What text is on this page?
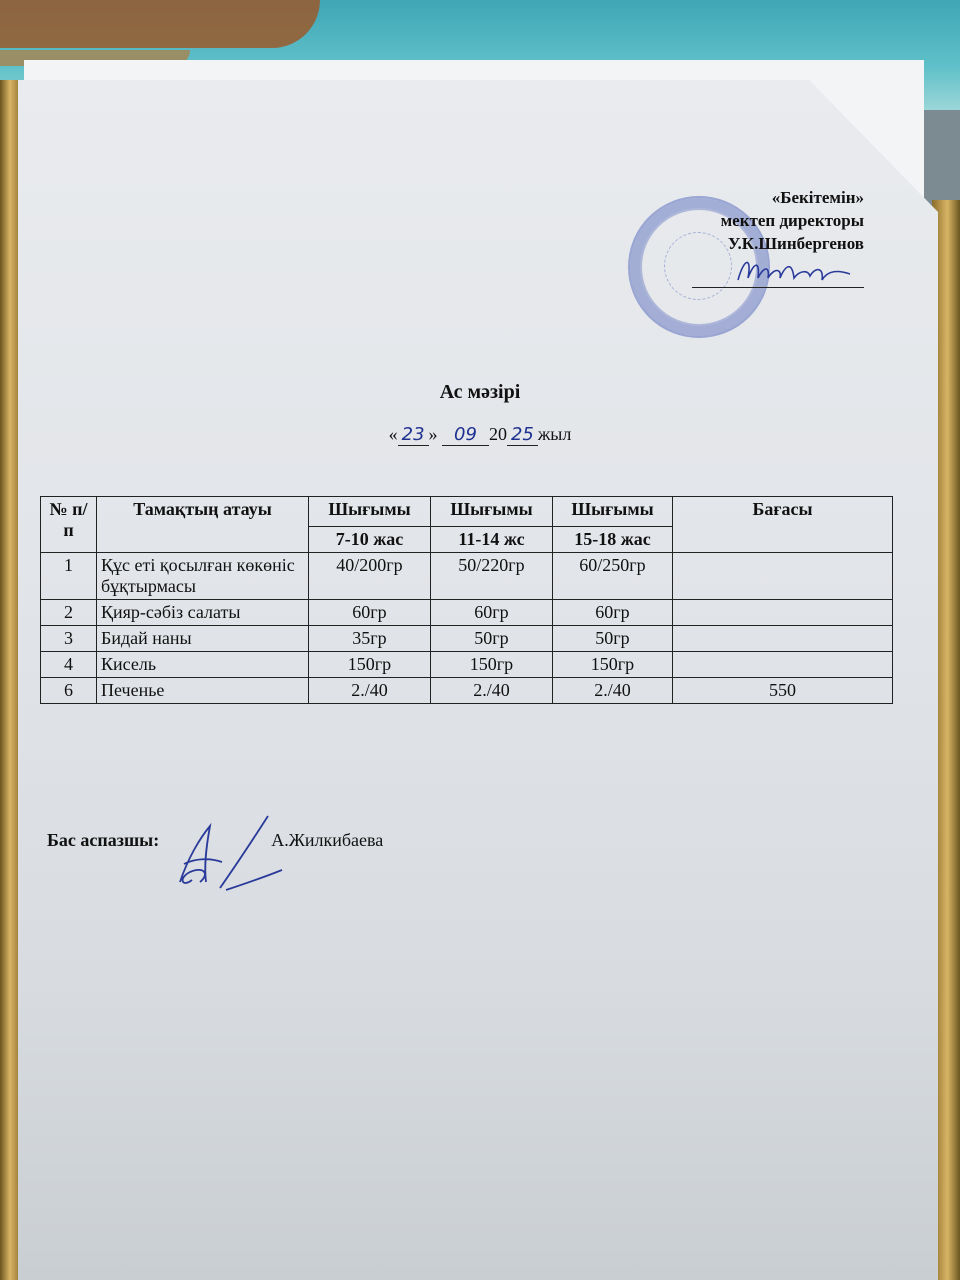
«Бекітемін»
мектеп директоры
У.К.Шинбергенов
Ас мәзірі
« 23 » 09 20 25 жыл
№ п/п	Тамақтың атауы	Шығымы	Шығымы	Шығымы	Бағасы
		7-10 жас	11-14 жс	15-18 жас	
1	Құс еті қосылған көкөніс бұқтырмасы	40/200гр	50/220гр	60/250гр	
2	Қияр-сәбіз салаты	60гр	60гр	60гр	
3	Бидай наны	35гр	50гр	50гр	
4	Кисель	150гр	150гр	150гр	
6	Печенье	2./40	2./40	2./40	550
Бас аспазшы:	А.Жилкибаева
